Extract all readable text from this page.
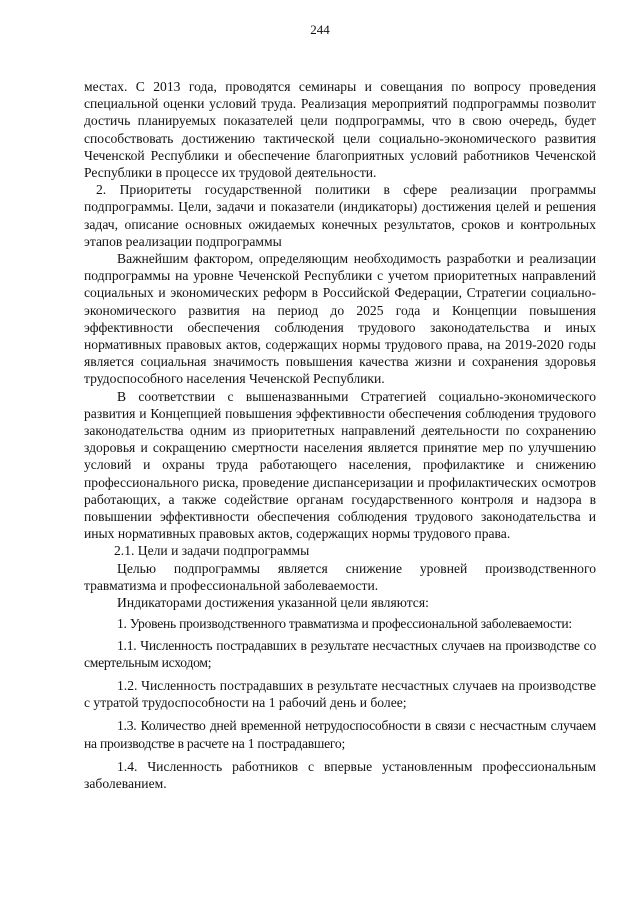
244

местах. С 2013 года, проводятся семинары и совещания по вопросу проведения специальной оценки условий труда. Реализация мероприятий подпрограммы позволит достичь планируемых показателей цели подпрограммы, что в свою очередь, будет способствовать достижению тактической цели социально-экономического развития Чеченской Республики и обеспечение благоприятных условий работников Чеченской Республики в процессе их трудовой деятельности.

2. Приоритеты государственной политики в сфере реализации программы подпрограммы. Цели, задачи и показатели (индикаторы) достижения целей и решения задач, описание основных ожидаемых конечных результатов, сроков и контрольных этапов реализации подпрограммы

Важнейшим фактором, определяющим необходимость разработки и реализации подпрограммы на уровне Чеченской Республики с учетом приоритетных направлений социальных и экономических реформ в Российской Федерации, Стратегии социально-экономического развития на период до 2025 года и Концепции повышения эффективности обеспечения соблюдения трудового законодательства и иных нормативных правовых актов, содержащих нормы трудового права, на 2019-2020 годы является социальная значимость повышения качества жизни и сохранения здоровья трудоспособного населения Чеченской Республики.

В соответствии с вышеназванными Стратегией социально-экономического развития и Концепцией повышения эффективности обеспечения соблюдения трудового законодательства одним из приоритетных направлений деятельности по сохранению здоровья и сокращению смертности населения является принятие мер по улучшению условий и охраны труда работающего населения, профилактике и снижению профессионального риска, проведение диспансеризации и профилактических осмотров работающих, а также содействие органам государственного контроля и надзора в повышении эффективности обеспечения соблюдения трудового законодательства и иных нормативных правовых актов, содержащих нормы трудового права.

2.1. Цели и задачи подпрограммы

Целью подпрограммы является снижение уровней производственного травматизма и профессиональной заболеваемости.

Индикаторами достижения указанной цели являются:

1. Уровень производственного травматизма и профессиональной заболеваемости:

1.1. Численность пострадавших в результате несчастных случаев на производстве со смертельным исходом;

1.2. Численность пострадавших в результате несчастных случаев на производстве с утратой трудоспособности на 1 рабочий день и более;

1.3. Количество дней временной нетрудоспособности в связи с несчастным случаем на производстве в расчете на 1 пострадавшего;

1.4. Численность работников с впервые установленным профессиональным заболеванием.
